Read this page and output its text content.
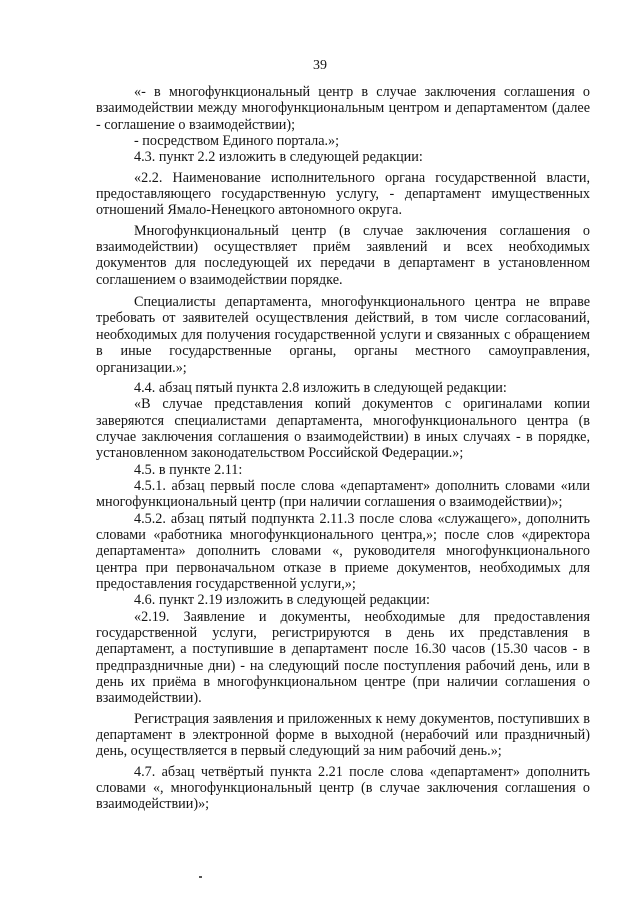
39

«- в многофункциональный центр в случае заключения соглашения о взаимодействии между многофункциональным центром и департаментом (далее - соглашение о взаимодействии);

- посредством Единого портала.»;

4.3. пункт 2.2 изложить в следующей редакции:

«2.2. Наименование исполнительного органа государственной власти, предоставляющего государственную услугу, - департамент имущественных отношений Ямало-Ненецкого автономного округа.

Многофункциональный центр (в случае заключения соглашения о взаимодействии) осуществляет приём заявлений и всех необходимых документов для последующей их передачи в департамент в установленном соглашением о взаимодействии порядке.

Специалисты департамента, многофункционального центра не вправе требовать от заявителей осуществления действий, в том числе согласований, необходимых для получения государственной услуги и связанных с обращением в иные государственные органы, органы местного самоуправления, организации.»;

4.4. абзац пятый пункта 2.8 изложить в следующей редакции:

«В случае представления копий документов с оригиналами копии заверяются специалистами департамента, многофункционального центра (в случае заключения соглашения о взаимодействии) в иных случаях - в порядке, установленном законодательством Российской Федерации.»;

4.5. в пункте 2.11:

4.5.1. абзац первый после слова «департамент» дополнить словами «или многофункциональный центр (при наличии соглашения о взаимодействии)»;

4.5.2. абзац пятый подпункта 2.11.3 после слова «служащего», дополнить словами «работника многофункционального центра,»; после слов «директора департамента» дополнить словами «, руководителя многофункционального центра при первоначальном отказе в приеме документов, необходимых для предоставления государственной услуги,»;

4.6. пункт 2.19 изложить в следующей редакции:

«2.19. Заявление и документы, необходимые для предоставления государственной услуги, регистрируются в день их представления в департамент, а поступившие в департамент после 16.30 часов (15.30 часов - в предпраздничные дни) - на следующий после поступления рабочий день, или в день их приёма в многофункциональном центре (при наличии соглашения о взаимодействии).

Регистрация заявления и приложенных к нему документов, поступивших в департамент в электронной форме в выходной (нерабочий или праздничный) день, осуществляется в первый следующий за ним рабочий день.»;

4.7. абзац четвёртый пункта 2.21 после слова «департамент» дополнить словами «, многофункциональный центр (в случае заключения соглашения о взаимодействии)»;
